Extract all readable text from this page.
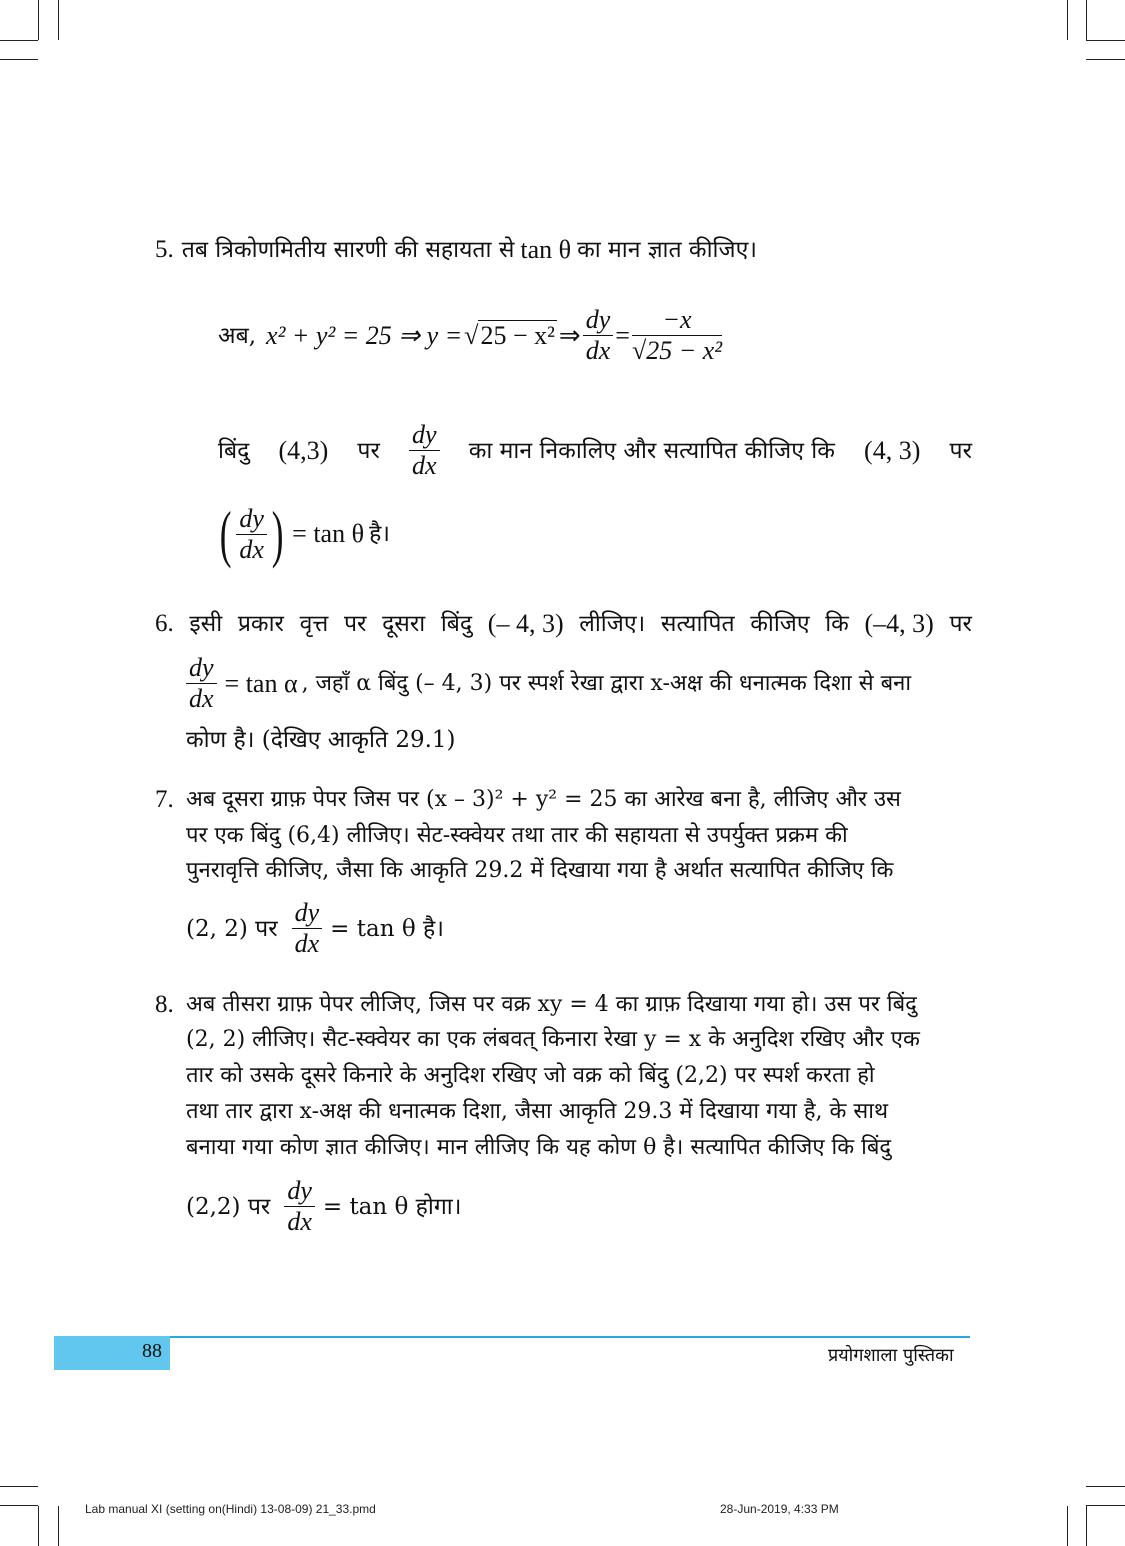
5. तब त्रिकोणमितीय सारणी की सहायता से tan θ का मान ज्ञात कीजिए।
अब, x² + y² = 25 ⇒ y = √ 25 − x² ⇒ $\frac{dy}{dx} = \frac{-x}{\text{√25 − x²}}$
बिंदु (4,3) पर $\frac{dy}{dx}$ का मान निकालिए और सत्यापित कीजिए कि (4, 3) पर
( $\frac{dy}{dx}$ ) = tan θ है।
6. इसी प्रकार वृत्त पर दूसरा बिंदु (– 4, 3) लीजिए। सत्यापित कीजिए कि (–4, 3) पर
$\frac{dy}{dx} = \tan \alpha$ , जहाँ α बिंदु (– 4, 3) पर स्पर्श रेखा द्वारा x-अक्ष की धनात्मक दिशा से बना
कोण है। (देखिए आकृति 29.1)
7. अब दूसरा ग्राफ़ पेपर जिस पर (x – 3)² + y² = 25 का आरेख बना है, लीजिए और उस
पर एक बिंदु (6,4) लीजिए। सेट-स्क्वेयर तथा तार की सहायता से उपर्युक्त प्रक्रम की
पुनरावृत्ति कीजिए, जैसा कि आकृति 29.2 में दिखाया गया है अर्थात सत्यापित कीजिए कि
(2, 2) पर $\frac{dy}{dx} = \tan \theta$ है।
8. अब तीसरा ग्राफ़ पेपर लीजिए, जिस पर वक्र xy = 4 का ग्राफ़ दिखाया गया हो। उस पर बिंदु
(2, 2) लीजिए। सैट-स्क्वेयर का एक लंबवत् किनारा रेखा y = x के अनुदिश रखिए और एक
तार को उसके दूसरे किनारे के अनुदिश रखिए जो वक्र को बिंदु (2,2) पर स्पर्श करता हो
तथा तार द्वारा x-अक्ष की धनात्मक दिशा, जैसा आकृति 29.3 में दिखाया गया है, के साथ
बनाया गया कोण ज्ञात कीजिए। मान लीजिए कि यह कोण θ है। सत्यापित कीजिए कि बिंदु
(2,2) पर $\frac{dy}{dx} = \tan \theta$ होगा।
88	प्रयोगशाला पुस्तिका
Lab manual XI (setting on(Hindi) 13-08-09) 21_33.pmd	28-Jun-2019, 4:33 PM
